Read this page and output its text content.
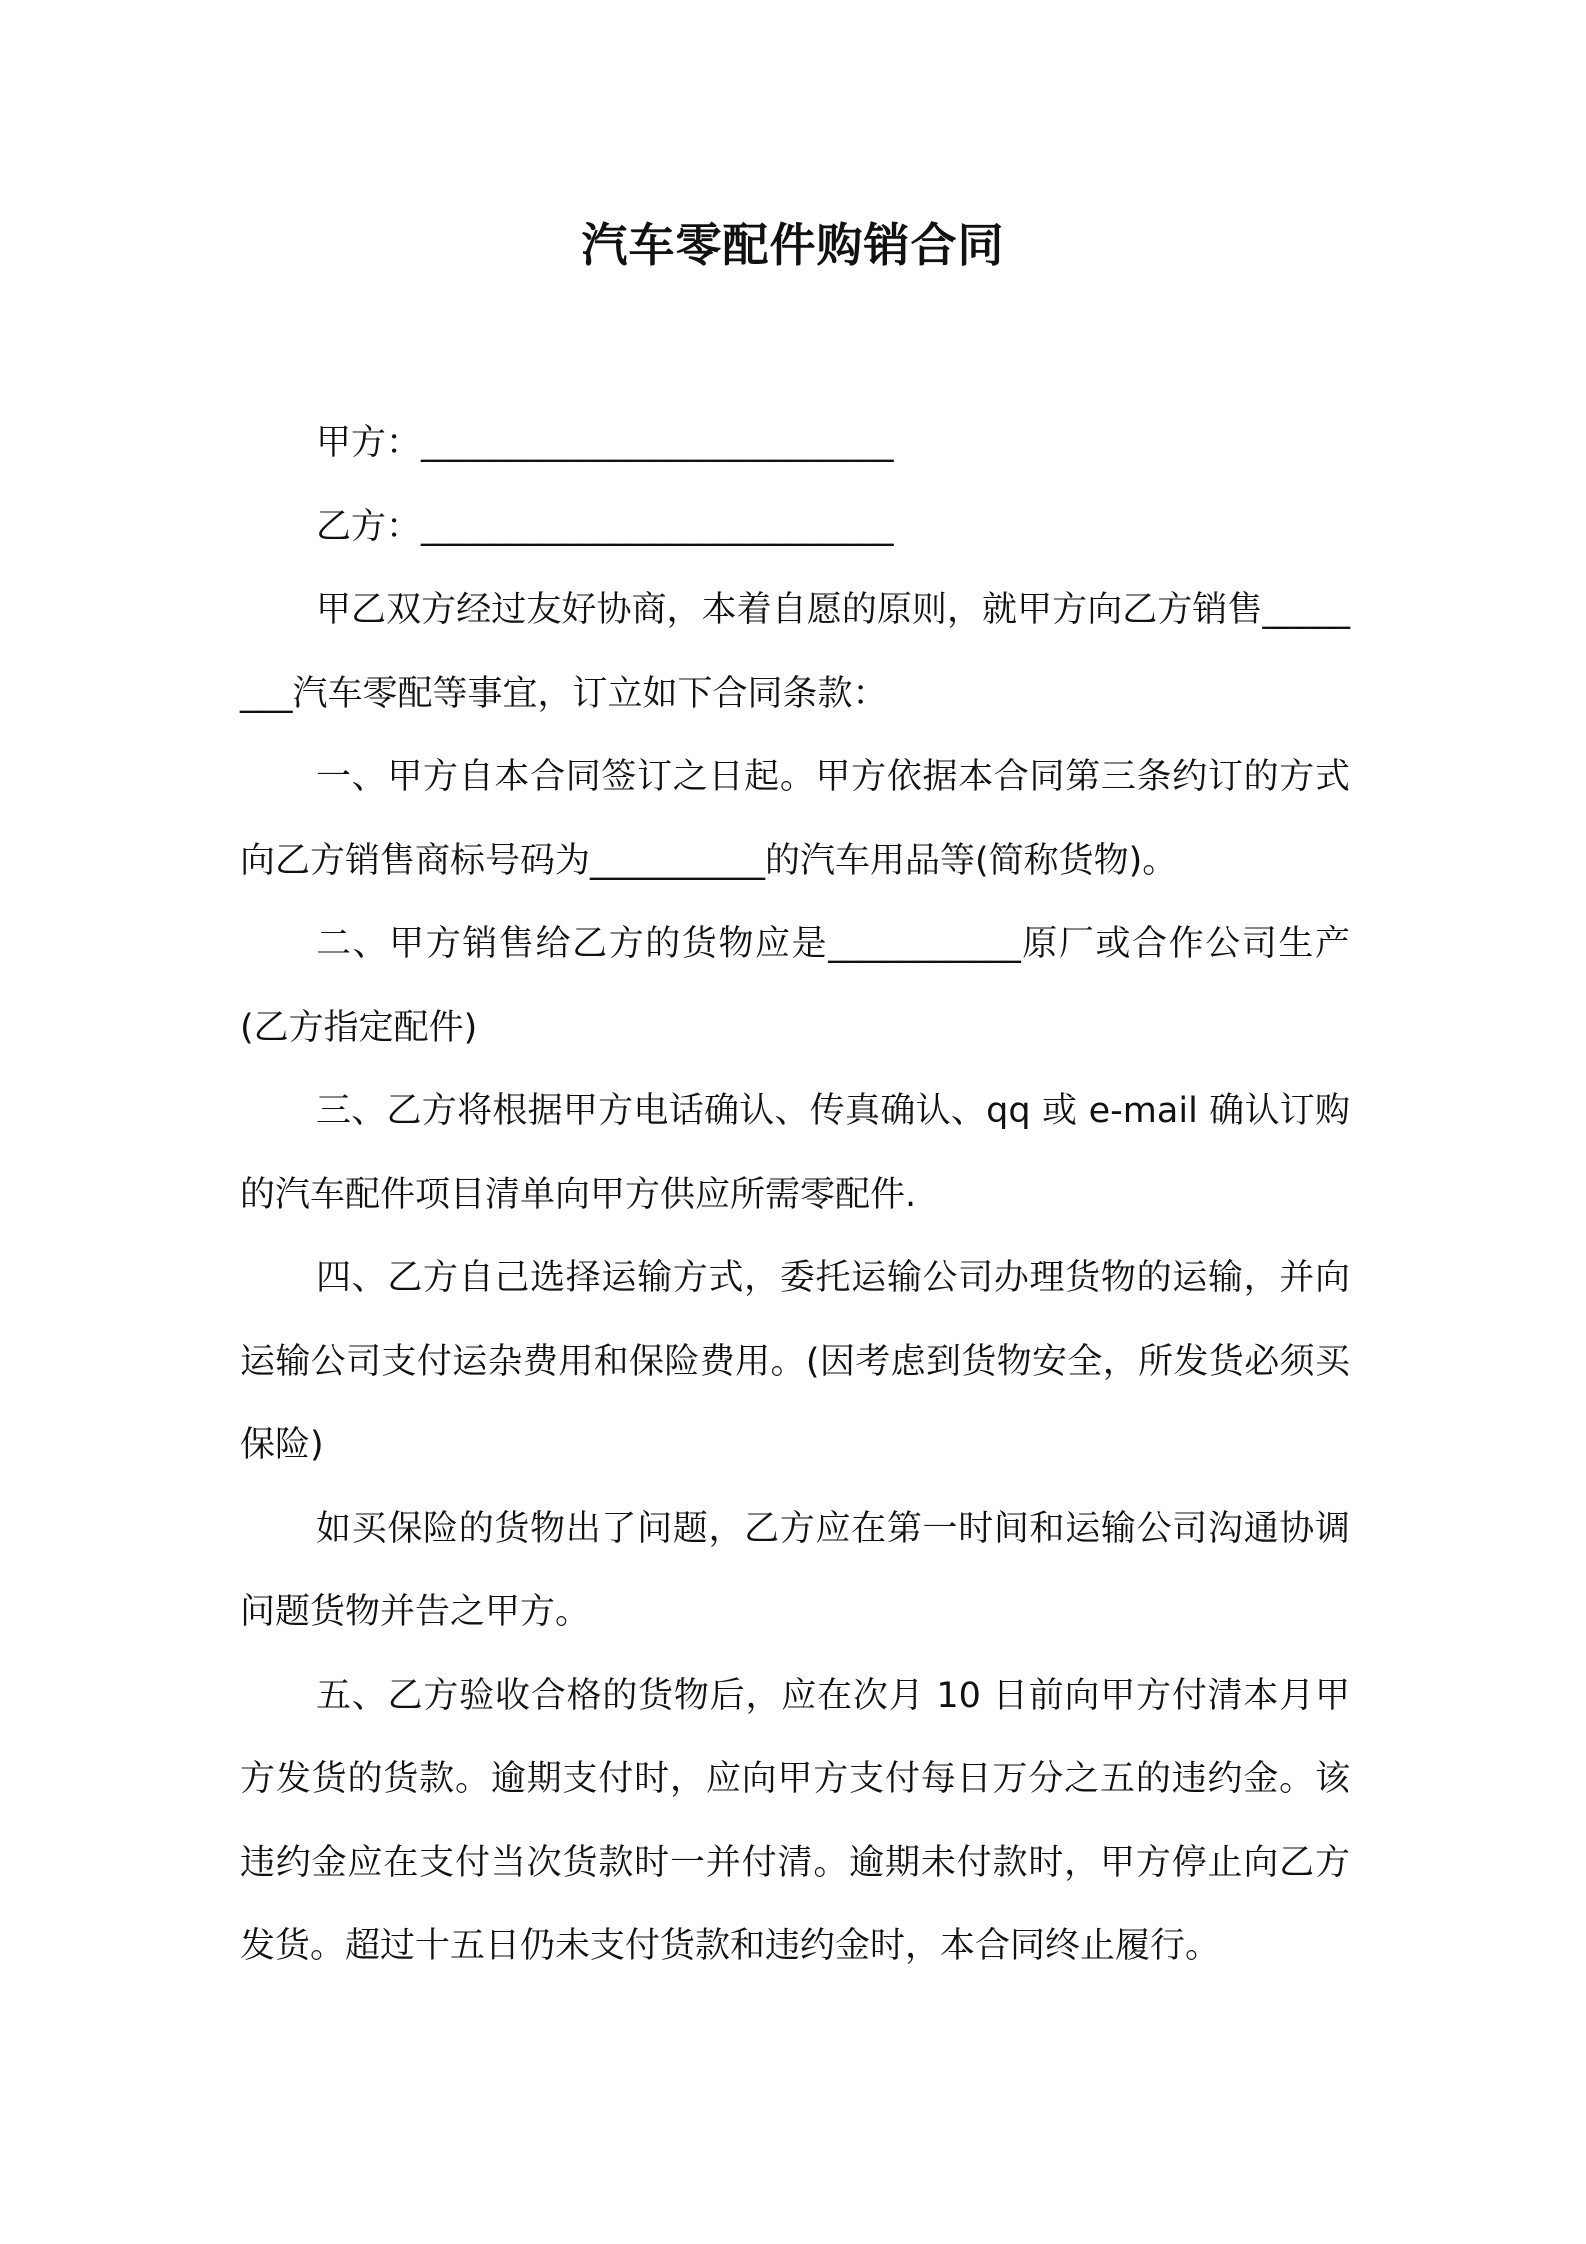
汽车零配件购销合同

甲方：___________________________

乙方：___________________________

甲乙双方经过友好协商，本着自愿的原则，就甲方向乙方销售________汽车零配等事宜，订立如下合同条款：

一、甲方自本合同签订之日起。甲方依据本合同第三条约订的方式向乙方销售商标号码为__________的汽车用品等(简称货物)。

二、甲方销售给乙方的货物应是___________原厂或合作公司生产(乙方指定配件)

三、乙方将根据甲方电话确认、传真确认、qq 或 e-mail 确认订购的汽车配件项目清单向甲方供应所需零配件.

四、乙方自己选择运输方式，委托运输公司办理货物的运输，并向运输公司支付运杂费用和保险费用。(因考虑到货物安全，所发货必须买保险)

如买保险的货物出了问题，乙方应在第一时间和运输公司沟通协调问题货物并告之甲方。

五、乙方验收合格的货物后，应在次月 10 日前向甲方付清本月甲方发货的货款。逾期支付时，应向甲方支付每日万分之五的违约金。该违约金应在支付当次货款时一并付清。逾期未付款时，甲方停止向乙方发货。超过十五日仍未支付货款和违约金时，本合同终止履行。
